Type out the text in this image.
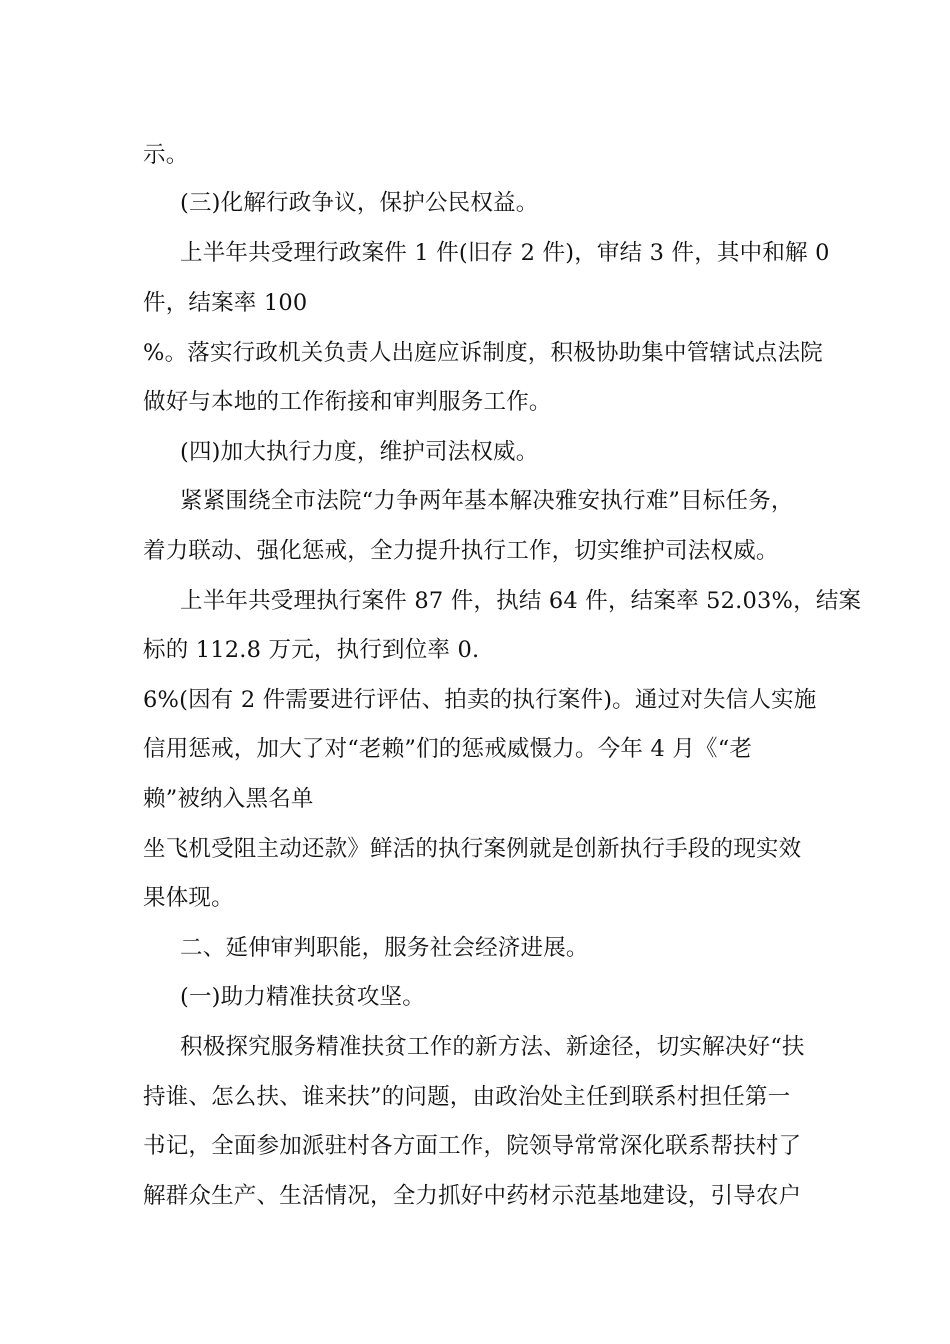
示。
(三)化解行政争议，保护公民权益。
上半年共受理行政案件 1 件(旧存 2 件)，审结 3 件，其中和解 0
件，结案率 100
%。落实行政机关负责人出庭应诉制度，积极协助集中管辖试点法院
做好与本地的工作衔接和审判服务工作。
(四)加大执行力度，维护司法权威。
紧紧围绕全市法院“力争两年基本解决雅安执行难”目标任务，
着力联动、强化惩戒，全力提升执行工作，切实维护司法权威。
上半年共受理执行案件 87 件，执结 64 件，结案率 52.03%，结案
标的 112.8 万元，执行到位率 0.
6%(因有 2 件需要进行评估、拍卖的执行案件)。通过对失信人实施
信用惩戒，加大了对“老赖”们的惩戒威慑力。今年 4 月《“老
赖”被纳入黑名单
坐飞机受阻主动还款》鲜活的执行案例就是创新执行手段的现实效
果体现。
二、延伸审判职能，服务社会经济进展。
(一)助力精准扶贫攻坚。
积极探究服务精准扶贫工作的新方法、新途径，切实解决好“扶
持谁、怎么扶、谁来扶”的问题，由政治处主任到联系村担任第一
书记，全面参加派驻村各方面工作，院领导常常深化联系帮扶村了
解群众生产、生活情况，全力抓好中药材示范基地建设，引导农户
